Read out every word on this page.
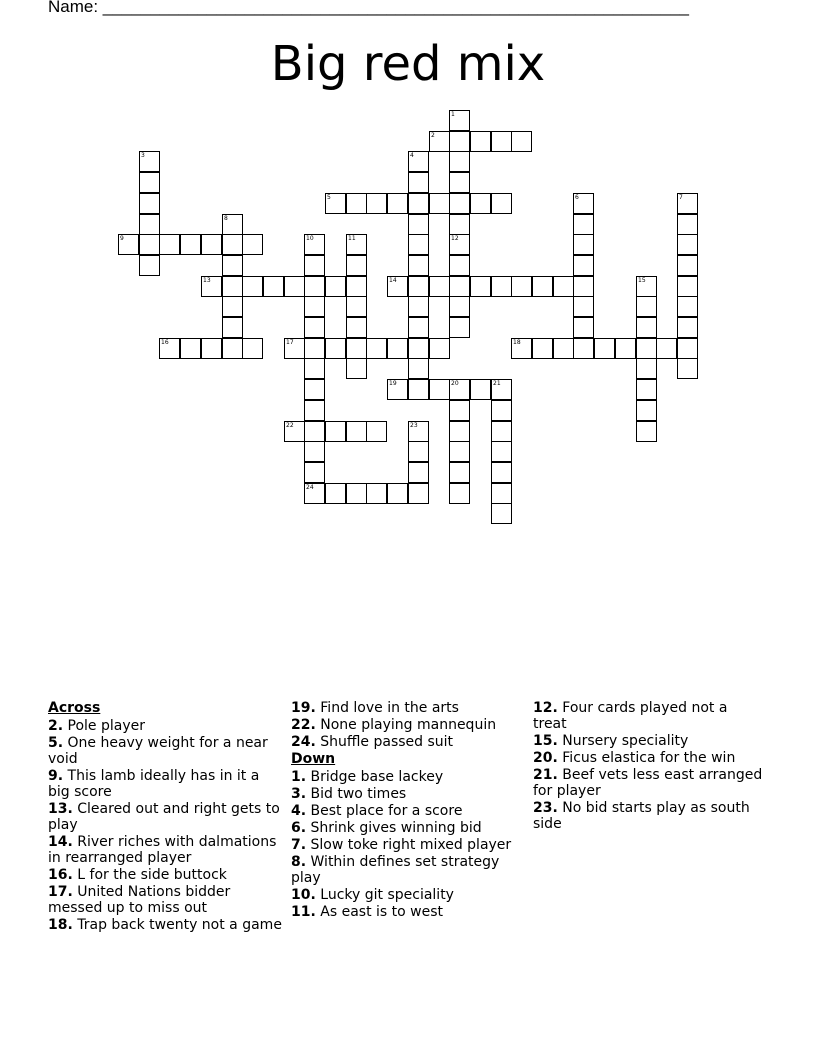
Name: ______________________________________________________________
Big red mix
1
12
2
3	4
5	6	7
8
9	10
24
11
13	14	15
16	17	18
19	20	21
22	23
Across
2. Pole player
5. One heavy weight for a near void
9. This lamb ideally has in it a big score
13. Cleared out and right gets to play
14. River riches with dalmations in rearranged player
16. L for the side buttock
17. United Nations bidder messed up to miss out
18. Trap back twenty not a game
19. Find love in the arts
22. None playing mannequin
24. Shuffle passed suit
Down
1. Bridge base lackey
3. Bid two times
4. Best place for a score
6. Shrink gives winning bid
7. Slow toke right mixed player
8. Within defines set strategy play
10. Lucky git speciality
11. As east is to west
12. Four cards played not a treat
15. Nursery speciality
20. Ficus elastica for the win
21. Beef vets less east arranged for player
23. No bid starts play as south side
